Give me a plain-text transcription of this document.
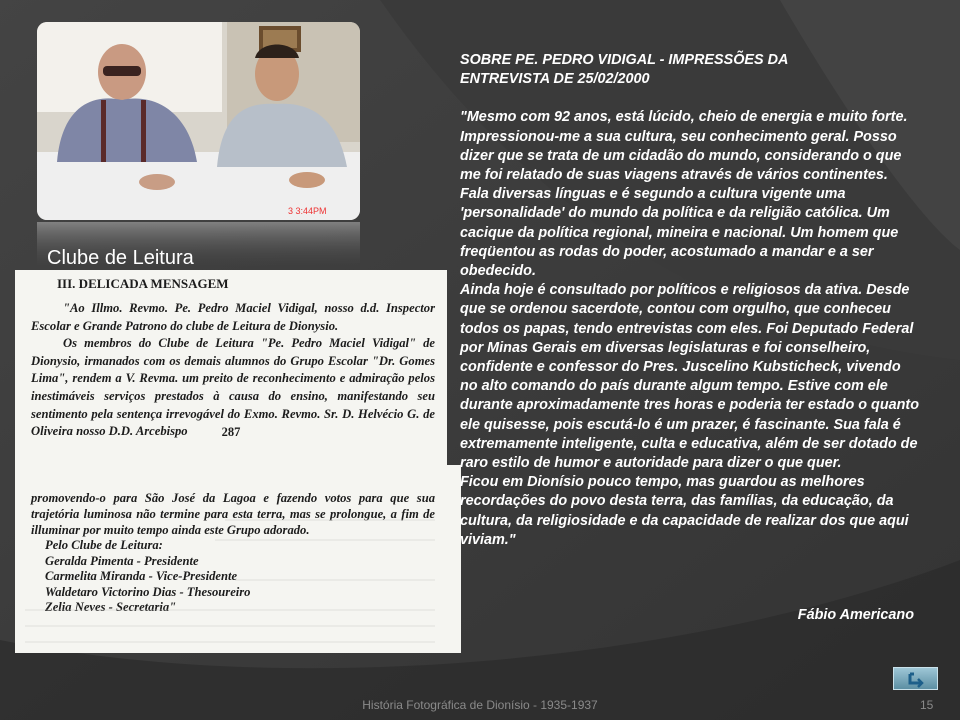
3 3:44PM
Clube de Leitura
III. DELICADA MENSAGEM

"Ao Illmo. Revmo. Pe. Pedro Maciel Vidigal, nosso d.d. Inspector Escolar e Grande Patrono do clube de Leitura de Dionysio.

Os membros do Clube de Leitura "Pe. Pedro Maciel Vidigal" de Dionysio, irmanados com os demais alumnos do Grupo Escolar "Dr. Gomes Lima", rendem a V. Revma. um preito de reconhecimento e admiração pelos inestimáveis serviços prestados à causa do ensino, manifestando seu sentimento pela sentença irrevogável do Exmo. Revmo. Sr. D. Helvécio G. de Oliveira nosso D.D. Arcebispo	287
promovendo-o para São José da Lagoa e fazendo votos para que sua trajetória luminosa não termine para esta terra, mas se prolongue, a fim de illuminar por muito tempo ainda este Grupo adorado.
Pelo Clube de Leitura:
Geralda Pimenta - Presidente
Carmelita Miranda - Vice-Presidente
Waldetaro Victorino Dias - Thesoureiro
Zelia Neves - Secretaria"
SOBRE PE. PEDRO VIDIGAL - IMPRESSÕES DA ENTREVISTA DE 25/02/2000

"Mesmo com 92 anos, está lúcido, cheio de energia e muito forte.

Impressionou-me a sua cultura, seu conhecimento geral. Posso dizer que se trata de um cidadão do mundo, considerando o que me foi relatado de suas viagens através de vários continentes. Fala diversas línguas e é segundo a cultura vigente uma 'personalidade' do mundo da política e da religião católica. Um cacique da política regional, mineira e nacional. Um homem que freqüentou as rodas do poder, acostumado a mandar e a ser obedecido.

Ainda hoje é consultado por políticos e religiosos da ativa. Desde que se ordenou sacerdote, contou com orgulho, que conheceu todos os papas, tendo entrevistas com eles. Foi Deputado Federal por Minas Gerais em diversas legislaturas e foi conselheiro, confidente e confessor do Pres. Juscelino Kubsticheck, vivendo no alto comando do país durante algum tempo. Estive com ele durante aproximadamente tres horas e poderia ter estado o quanto ele quisesse, pois escutá-lo é um prazer, é fascinante. Sua fala é extremamente inteligente, culta e educativa, além de ser dotado de raro estilo de humor e autoridade para dizer o que quer.

Ficou em Dionísio pouco tempo, mas guardou as melhores recordações do povo desta terra, das famílias, da educação, da cultura, da religiosidade e da capacidade de realizar dos que aqui viviam."

Fábio Americano
História Fotográfica de Dionísio - 1935-1937	15
